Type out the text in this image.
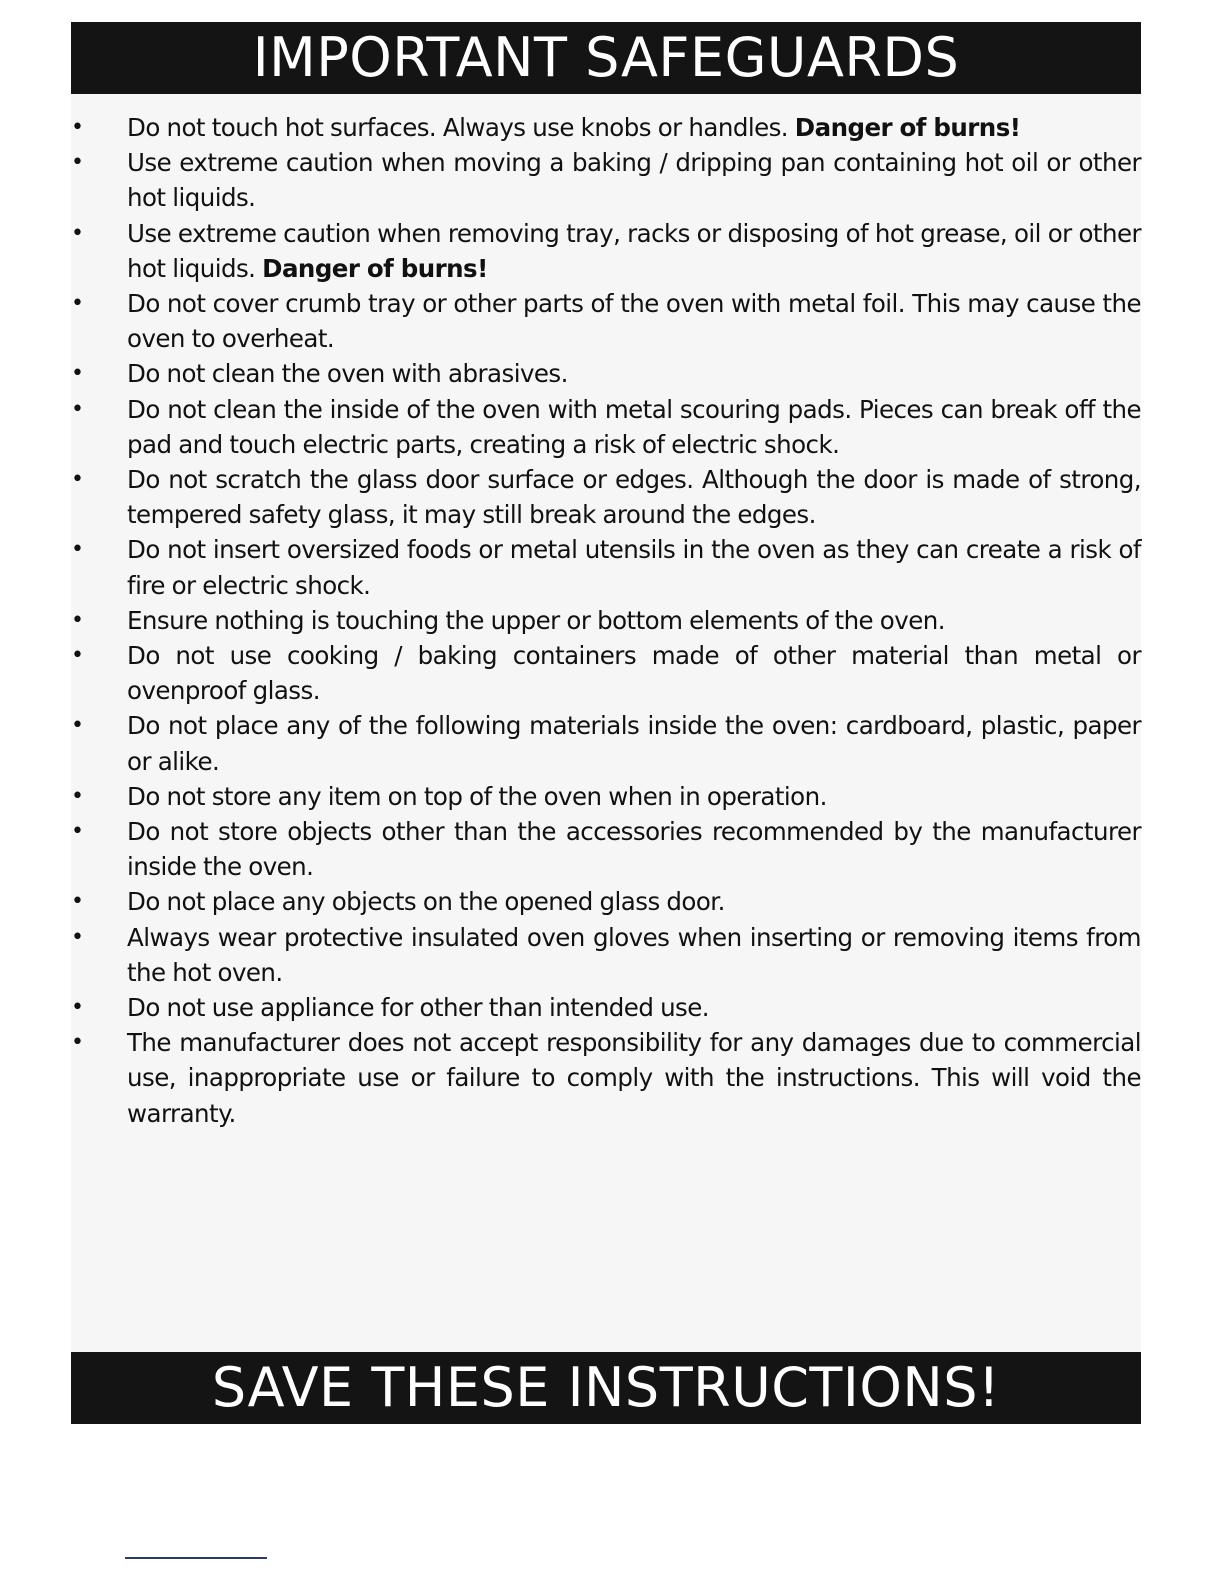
IMPORTANT SAFEGUARDS
• Do not touch hot surfaces. Always use knobs or handles. Danger of burns!
• Use extreme caution when moving a baking / dripping pan containing hot oil or other hot liquids.
• Use extreme caution when removing tray, racks or disposing of hot grease, oil or other hot liquids. Danger of burns!
• Do not cover crumb tray or other parts of the oven with metal foil. This may cause the oven to overheat.
• Do not clean the oven with abrasives.
• Do not clean the inside of the oven with metal scouring pads. Pieces can break off the pad and touch electric parts, creating a risk of electric shock.
• Do not scratch the glass door surface or edges. Although the door is made of strong, tempered safety glass, it may still break around the edges.
• Do not insert oversized foods or metal utensils in the oven as they can create a risk of fire or electric shock.
• Ensure nothing is touching the upper or bottom elements of the oven.
• Do not use cooking / baking containers made of other material than metal or ovenproof glass.
• Do not place any of the following materials inside the oven: cardboard, plastic, paper or alike.
• Do not store any item on top of the oven when in operation.
• Do not store objects other than the accessories recommended by the manufacturer inside the oven.
• Do not place any objects on the opened glass door.
• Always wear protective insulated oven gloves when inserting or removing items from the hot oven.
• Do not use appliance for other than intended use.
• The manufacturer does not accept responsibility for any damages due to commercial use, inappropriate use or failure to comply with the instructions. This will void the warranty.
SAVE THESE INSTRUCTIONS!
